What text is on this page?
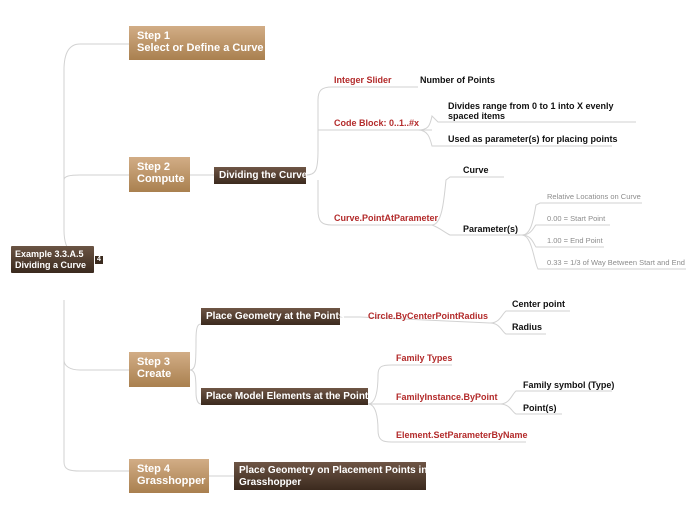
Example 3.3.A.5
Dividing a Curve
4
Step 1
Select or Define a Curve
Step 2
Compute
Step 3
Create
Step 4
Grasshopper
Dividing the Curve
Integer Slider	Number of Points
Code Block: 0..1..#x
Divides range from 0 to 1 into X evenly
spaced items
Used as parameter(s) for placing points
Curve.PointAtParameter
Curve
Parameter(s)
Relative Locations on Curve
0.00 = Start Point
1.00 = End Point
0.33 = 1/3 of Way Between Start and End
Place Geometry at the Points	Circle.ByCenterPointRadius
Center point
Radius
Place Model Elements at the Points
Family Types
FamilyInstance.ByPoint
Family symbol (Type)
Point(s)
Element.SetParameterByName
Place Geometry on Placement Points in
Grasshopper
